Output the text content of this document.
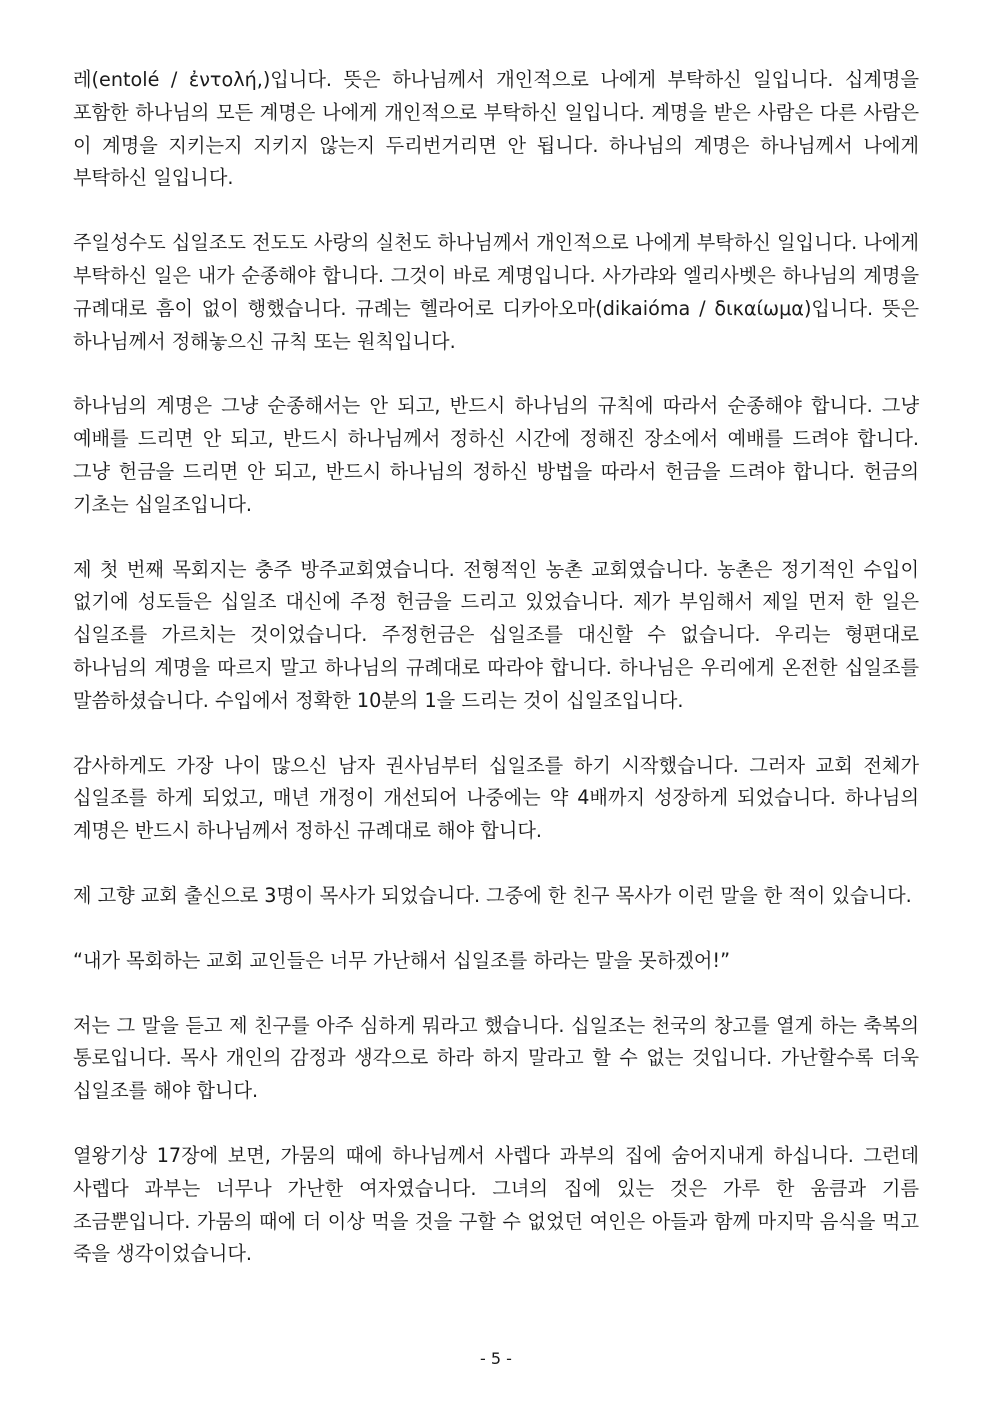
레(entolé / ἐντολή,)입니다. 뜻은 하나님께서 개인적으로 나에게 부탁하신 일입니다. 십계명을 포함한 하나님의 모든 계명은 나에게 개인적으로 부탁하신 일입니다. 계명을 받은 사람은 다른 사람은 이 계명을 지키는지 지키지 않는지 두리번거리면 안 됩니다. 하나님의 계명은 하나님께서 나에게 부탁하신 일입니다.

주일성수도 십일조도 전도도 사랑의 실천도 하나님께서 개인적으로 나에게 부탁하신 일입니다. 나에게 부탁하신 일은 내가 순종해야 합니다. 그것이 바로 계명입니다. 사가랴와 엘리사벳은 하나님의 계명을 규례대로 흠이 없이 행했습니다. 규례는 헬라어로 디카아오마(dikaióma / δικαίωμα)입니다. 뜻은 하나님께서 정해놓으신 규칙 또는 원칙입니다.

하나님의 계명은 그냥 순종해서는 안 되고, 반드시 하나님의 규칙에 따라서 순종해야 합니다. 그냥 예배를 드리면 안 되고, 반드시 하나님께서 정하신 시간에 정해진 장소에서 예배를 드려야 합니다. 그냥 헌금을 드리면 안 되고, 반드시 하나님의 정하신 방법을 따라서 헌금을 드려야 합니다. 헌금의 기초는 십일조입니다.

제 첫 번째 목회지는 충주 방주교회였습니다. 전형적인 농촌 교회였습니다. 농촌은 정기적인 수입이 없기에 성도들은 십일조 대신에 주정 헌금을 드리고 있었습니다. 제가 부임해서 제일 먼저 한 일은 십일조를 가르치는 것이었습니다. 주정헌금은 십일조를 대신할 수 없습니다. 우리는 형편대로 하나님의 계명을 따르지 말고 하나님의 규례대로 따라야 합니다. 하나님은 우리에게 온전한 십일조를 말씀하셨습니다. 수입에서 정확한 10분의 1을 드리는 것이 십일조입니다.

감사하게도 가장 나이 많으신 남자 권사님부터 십일조를 하기 시작했습니다. 그러자 교회 전체가 십일조를 하게 되었고, 매년 개정이 개선되어 나중에는 약 4배까지 성장하게 되었습니다. 하나님의 계명은 반드시 하나님께서 정하신 규례대로 해야 합니다.

제 고향 교회 출신으로 3명이 목사가 되었습니다. 그중에 한 친구 목사가 이런 말을 한 적이 있습니다.

“내가 목회하는 교회 교인들은 너무 가난해서 십일조를 하라는 말을 못하겠어!”

저는 그 말을 듣고 제 친구를 아주 심하게 뭐라고 했습니다. 십일조는 천국의 창고를 열게 하는 축복의 통로입니다. 목사 개인의 감정과 생각으로 하라 하지 말라고 할 수 없는 것입니다. 가난할수록 더욱 십일조를 해야 합니다.

열왕기상 17장에 보면, 가뭄의 때에 하나님께서 사렙다 과부의 집에 숨어지내게 하십니다. 그런데 사렙다 과부는 너무나 가난한 여자였습니다. 그녀의 집에 있는 것은 가루 한 움큼과 기름 조금뿐입니다. 가뭄의 때에 더 이상 먹을 것을 구할 수 없었던 여인은 아들과 함께 마지막 음식을 먹고 죽을 생각이었습니다.

- 5 -
